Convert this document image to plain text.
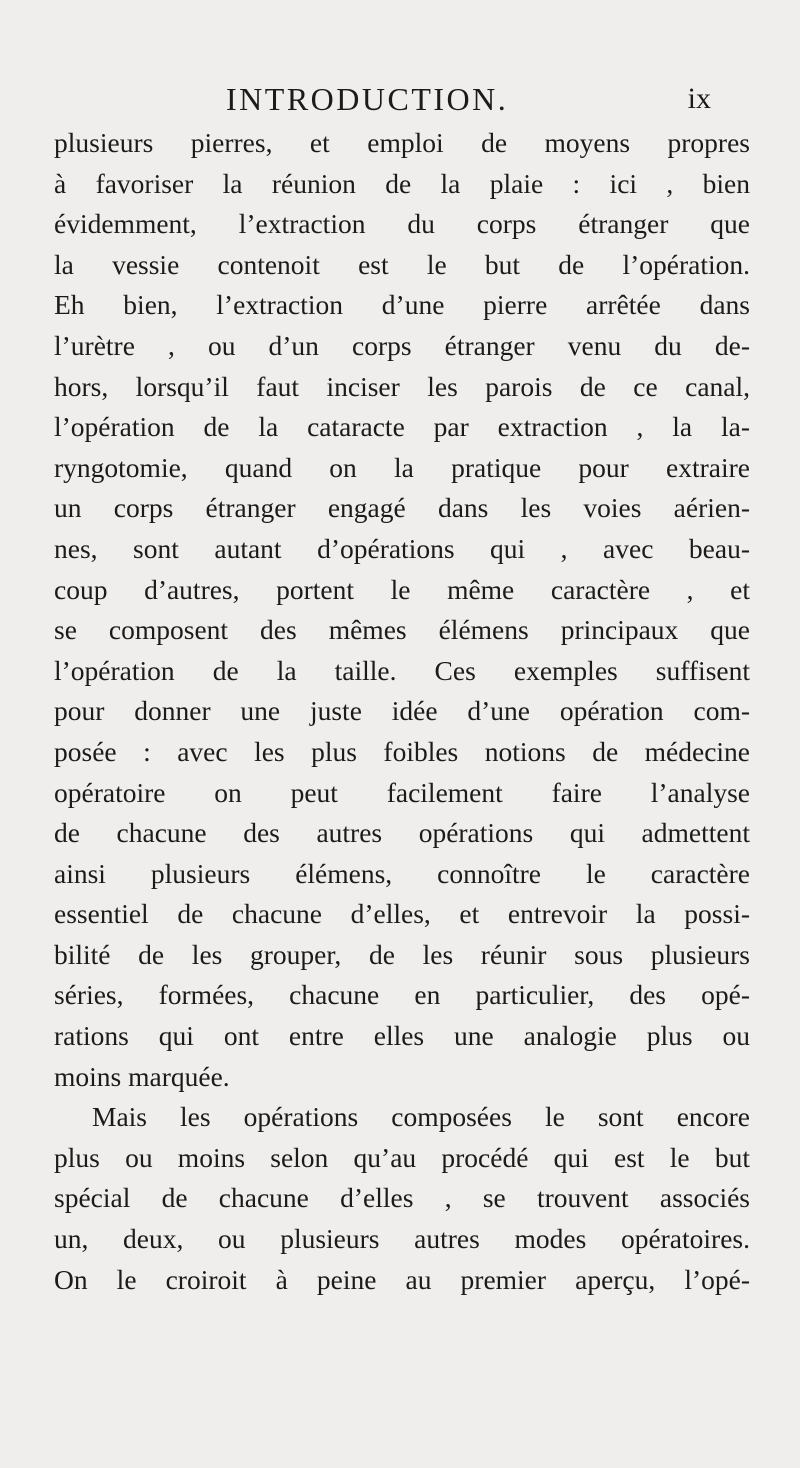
INTRODUCTION.	ix
plusieurs pierres, et emploi de moyens propres
à favoriser la réunion de la plaie : ici , bien
évidemment, l’extraction du corps étranger que
la vessie contenoit est le but de l’opération.
Eh bien, l’extraction d’une pierre arrêtée dans
l’urètre , ou d’un corps étranger venu du de-
hors, lorsqu’il faut inciser les parois de ce canal,
l’opération de la cataracte par extraction , la la-
ryngotomie, quand on la pratique pour extraire
un corps étranger engagé dans les voies aérien-
nes, sont autant d’opérations qui , avec beau-
coup d’autres, portent le même caractère , et
se composent des mêmes élémens principaux que
l’opération de la taille. Ces exemples suffisent
pour donner une juste idée d’une opération com-
posée : avec les plus foibles notions de médecine
opératoire on peut facilement faire l’analyse
de chacune des autres opérations qui admettent
ainsi plusieurs élémens, connoître le caractère
essentiel de chacune d’elles, et entrevoir la possi-
bilité de les grouper, de les réunir sous plusieurs
séries, formées, chacune en particulier, des opé-
rations qui ont entre elles une analogie plus ou
moins marquée.
Mais les opérations composées le sont encore
plus ou moins selon qu’au procédé qui est le but
spécial de chacune d’elles , se trouvent associés
un, deux, ou plusieurs autres modes opératoires.
On le croiroit à peine au premier aperçu, l’opé-
